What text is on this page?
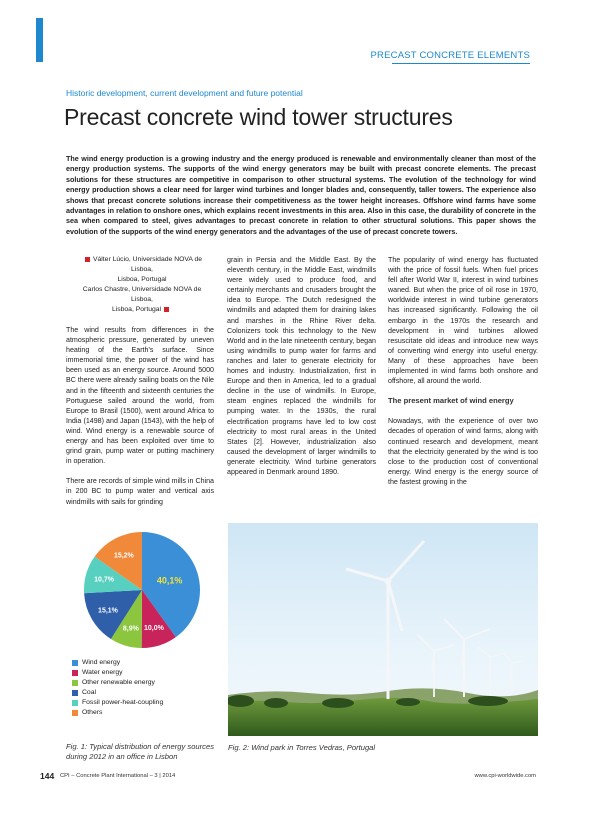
PRECAST CONCRETE ELEMENTS
Historic development, current development and future potential
Precast concrete wind tower structures

The wind energy production is a growing industry and the energy produced is renewable and environmentally cleaner than most of the energy production systems. The supports of the wind energy generators may be built with precast concrete elements. The precast solutions for these structures are competitive in comparison to other structural systems. The evolution of the technology for wind energy production shows a clear need for larger wind turbines and longer blades and, consequently, taller towers. The experience also shows that precast concrete solutions increase their competitiveness as the tower height increases. Offshore wind farms have some advantages in relation to onshore ones, which explains recent investments in this area. Also in this case, the durability of concrete in the sea when compared to steel, gives advantages to precast concrete in relation to other structural solutions. This paper shows the evolution of the supports of the wind energy generators and the advantages of the use of precast concrete towers.

Válter Lúcio, Universidade NOVA de Lisboa,
Lisboa, Portugal
Carlos Chastre, Universidade NOVA de Lisboa,
Lisboa, Portugal

The wind results from differences in the atmospheric pressure, generated by uneven heating of the Earth's surface. Since immemorial time, the power of the wind has been used as an energy source. Around 5000 BC there were already sailing boats on the Nile and in the fifteenth and sixteenth centuries the Portuguese sailed around the world, from Europe to Brasil (1500), went around Africa to India (1498) and Japan (1543), with the help of wind. Wind energy is a renewable source of energy and has been exploited over time to grind grain, pump water or putting machinery in operation.

There are records of simple wind mills in China in 200 BC to pump water and vertical axis windmills with sails for grinding

grain in Persia and the Middle East. By the eleventh century, in the Middle East, windmills were widely used to produce food, and certainly merchants and crusaders brought the idea to Europe. The Dutch redesigned the windmills and adapted them for draining lakes and marshes in the Rhine River delta. Colonizers took this technology to the New World and in the late nineteenth century, began using windmills to pump water for farms and ranches and later to generate electricity for homes and industry. Industrialization, first in Europe and then in America, led to a gradual decline in the use of windmills. In Europe, steam engines replaced the windmills for pumping water. In the 1930s, the rural electrification programs have led to low cost electricity to most rural areas in the United States [2]. However, industrialization also caused the development of larger windmills to generate electricity. Wind turbine generators appeared in Denmark around 1890.

The popularity of wind energy has fluctuated with the price of fossil fuels. When fuel prices fell after World War II, interest in wind turbines waned. But when the price of oil rose in 1970, worldwide interest in wind turbine generators has increased significantly. Following the oil embargo in the 1970s the research and development in wind turbines allowed resuscitate old ideas and introduce new ways of converting wind energy into useful energy. Many of these approaches have been implemented in wind farms both onshore and offshore, all around the world.

The present market of wind energy

Nowadays, with the experience of over two decades of operation of wind farms, along with continued research and development, meant that the electricity generated by the wind is too close to the production cost of conventional energy. Wind energy is the energy source of the fastest growing in the

40,1%
10,0%
8,9%
15,1%
10,7%
15,2%
Wind energy
Water energy
Other renewable energy
Coal
Fossil power-heat-coupling
Others
Fig. 1: Typical distribution of energy sources during 2012 in an office in Lisbon
Fig. 2: Wind park in Torres Vedras, Portugal
144 CPI – Concrete Plant International – 3 | 2014	www.cpi-worldwide.com
